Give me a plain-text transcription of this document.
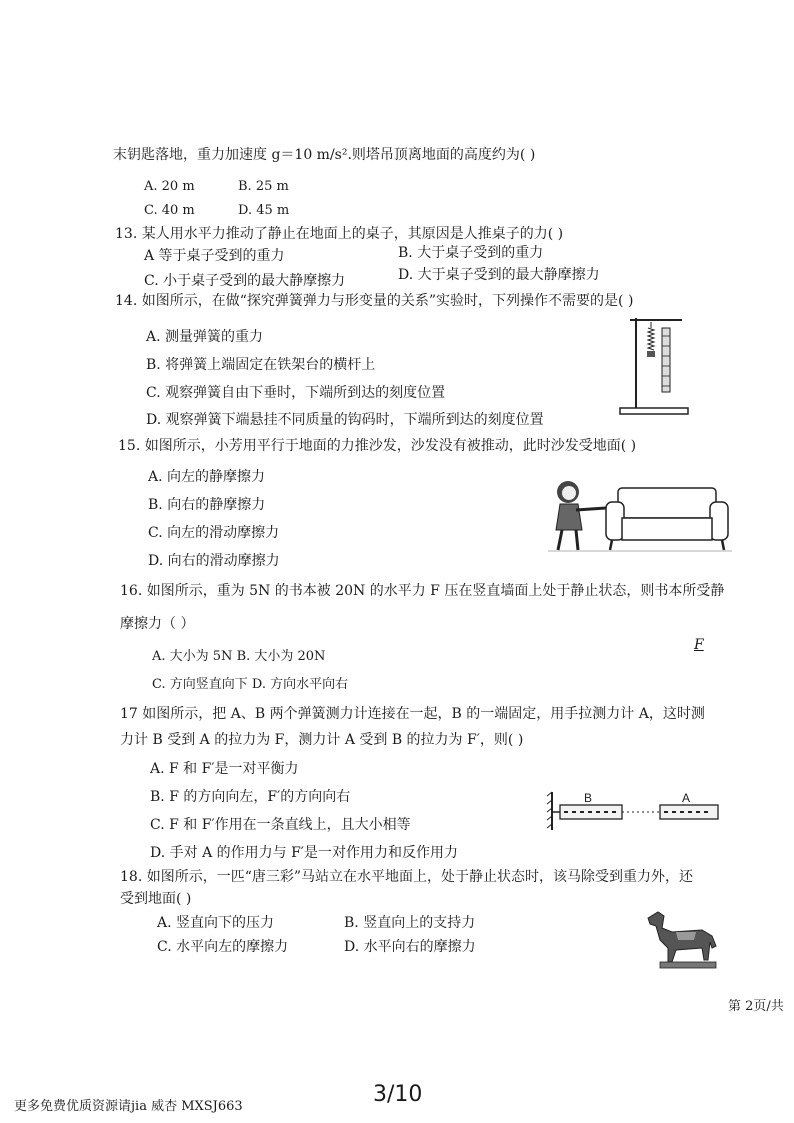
末钥匙落地，重力加速度 g＝10 m/s².则塔吊顶离地面的高度约为( )
A. 20 m	B. 25 m
C. 40 m	D. 45 m
13. 某人用水平力推动了静止在地面上的桌子，其原因是人推桌子的力( )
A 等于桌子受到的重力	B. 大于桌子受到的重力
C. 小于桌子受到的最大静摩擦力	D. 大于桌子受到的最大静摩擦力
14. 如图所示，在做“探究弹簧弹力与形变量的关系”实验时，下列操作不需要的是( )
A. 测量弹簧的重力
B. 将弹簧上端固定在铁架台的横杆上
C. 观察弹簧自由下垂时，下端所到达的刻度位置
D. 观察弹簧下端悬挂不同质量的钩码时，下端所到达的刻度位置
15. 如图所示，小芳用平行于地面的力推沙发，沙发没有被推动，此时沙发受地面( )
A. 向左的静摩擦力
B. 向右的静摩擦力
C. 向左的滑动摩擦力
D. 向右的滑动摩擦力
16. 如图所示，重为 5N 的书本被 20N 的水平力 F 压在竖直墙面上处于静止状态，则书本所受静
摩擦力（ ）
A. 大小为 5N B. 大小为 20N
C. 方向竖直向下 D. 方向水平向右
F
17 如图所示，把 A、B 两个弹簧测力计连接在一起，B 的一端固定，用手拉测力计 A，这时测
力计 B 受到 A 的拉力为 F，测力计 A 受到 B 的拉力为 F′，则( )
A. F 和 F′是一对平衡力
B. F 的方向向左，F′的方向向右
C. F 和 F′作用在一条直线上，且大小相等
D. 手对 A 的作用力与 F′是一对作用力和反作用力
B	A
18. 如图所示，一匹“唐三彩”马站立在水平地面上，处于静止状态时，该马除受到重力外，还
受到地面( )
A. 竖直向下的压力	B. 竖直向上的支持力
C. 水平向左的摩擦力	D. 水平向右的摩擦力
第 2页/共
更多免费优质资源请jia 威杏 MXSJ663	3/10
